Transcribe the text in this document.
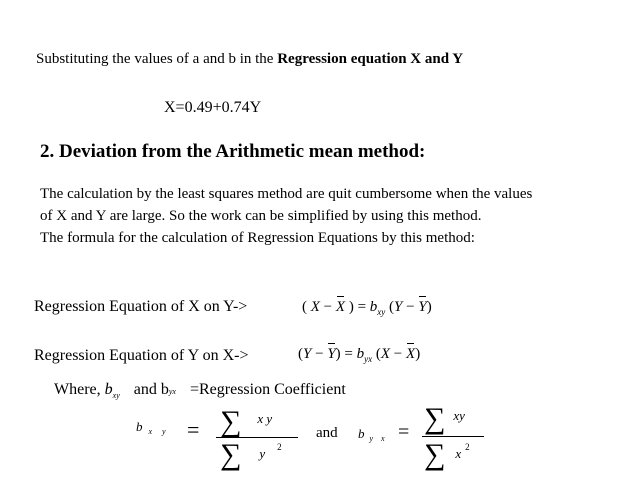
Substituting the values of a and b in the Regression equation X and Y
X=0.49+0.74Y
2. Deviation from the Arithmetic mean method:
The calculation by the least squares method are quit cumbersome when the values
of X and Y are large. So the work can be simplified by using this method.
The formula for the calculation of Regression Equations by this method:
Regression Equation of X on Y->	( X − X ) = $b_{xy}$ (Y − Y)
Regression Equation of Y on X->	$(Y - Y) = b_{yx}$ (X − X)
Where, $b_{xy}$ and byx =Regression Coefficient
b $_{x y}$ = ∑ $^{x y}$
∑ $^y$ $^2$
and b $_{y x}$ = ∑ $^{xy}$
∑ $^x$ $^2$
